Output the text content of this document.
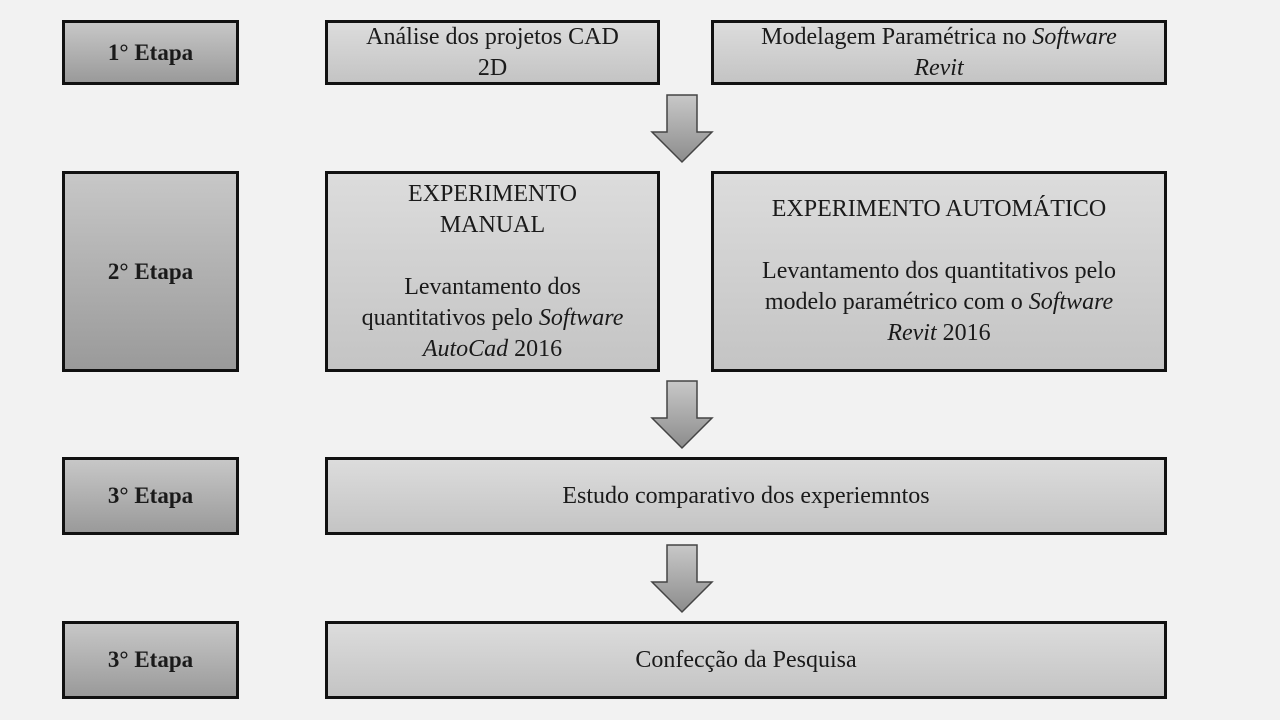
1° Etapa
Análise dos projetos CAD
2D
Modelagem Paramétrica no Software
Revit
2° Etapa
EXPERIMENTO
MANUAL
Levantamento dos
quantitativos pelo Software
AutoCad 2016
EXPERIMENTO AUTOMÁTICO
Levantamento dos quantitativos pelo
modelo paramétrico com o Software
Revit 2016
3° Etapa	Estudo comparativo dos experiemntos
3° Etapa	Confecção da Pesquisa
